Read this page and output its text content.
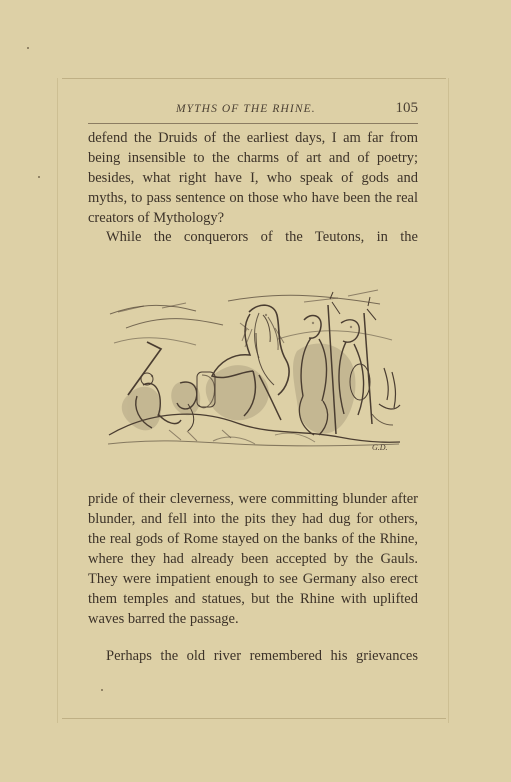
MYTHS OF THE RHINE.	105
defend the Druids of the earliest days, I am far from being insensible to the charms of art and of poetry; besides, what right have I, who speak of gods and myths, to pass sentence on those who have been the real creators of Mythology?
While the conquerors of the Teutons, in the
G.D.
pride of their cleverness, were committing blunder after blunder, and fell into the pits they had dug for others, the real gods of Rome stayed on the banks of the Rhine, where they had already been accepted by the Gauls. They were impatient enough to see Germany also erect them temples and statues, but the Rhine with uplifted waves barred the passage.
Perhaps the old river remembered his grievances
